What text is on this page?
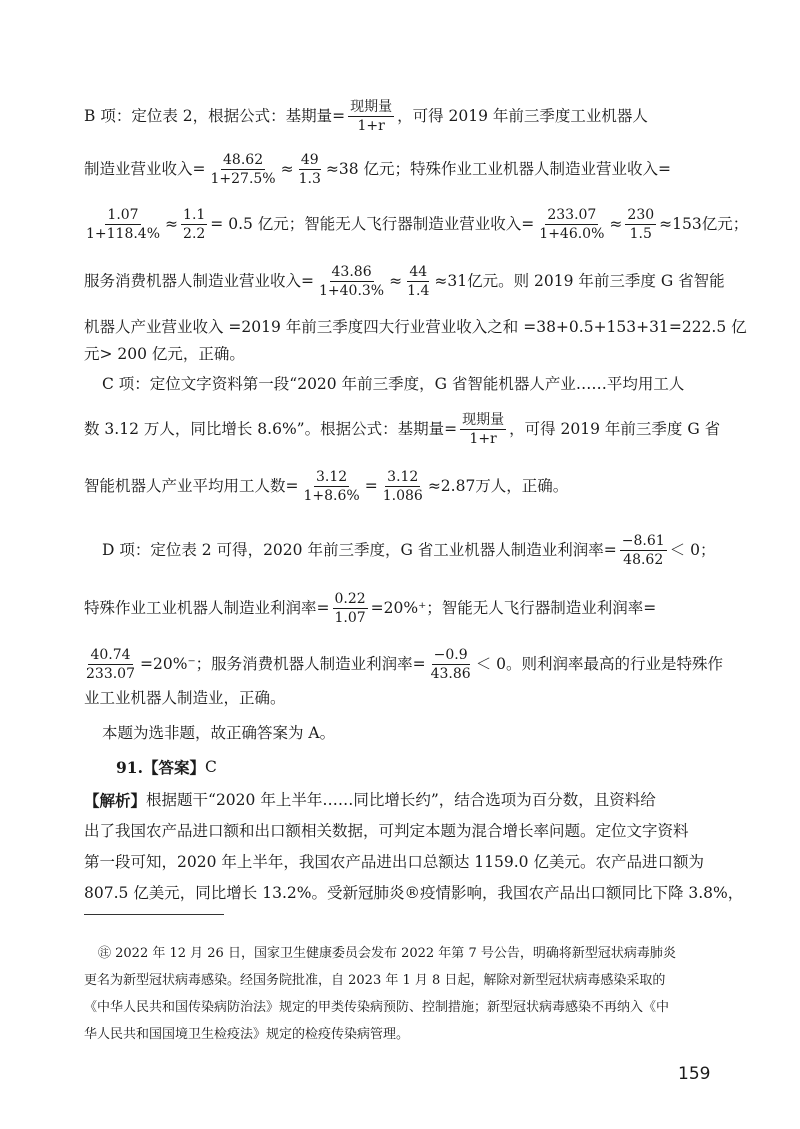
B 项：定位表 2，根据公式：基期量= $\frac{\text{现期量}}{1+r}$ ，可得 2019 年前三季度工业机器人
制造业营业收入= $\frac{48.62}{1+27.5\%} \approx \frac{49}{1.3} \approx 38$ 亿元；特殊作业工业机器人制造业营业收入=
$\frac{1.07}{1+118.4\%} \approx \frac{1.1}{2.2} = 0.5$ 亿元；智能无人飞行器制造业营业收入= $\frac{233.07}{1+46.0\%} \approx \frac{230}{1.5} \approx 153$亿元；
服务消费机器人制造业营业收入= $\frac{43.86}{1+40.3\%} \approx \frac{44}{1.4} \approx 31$亿元。则 2019 年前三季度 G 省智能
机器人产业营业收入 =2019 年前三季度四大行业营业收入之和 =38+0.5+153+31=222.5 亿
元> 200 亿元，正确。
C 项：定位文字资料第一段“2020 年前三季度，G 省智能机器人产业……平均用工人
数 3.12 万人，同比增长 8.6%”。根据公式：基期量= $\frac{\text{现期量}}{1+r}$ ，可得 2019 年前三季度 G 省
智能机器人产业平均用工人数= $\frac{3.12}{1+8.6\%} = \frac{3.12}{1.086} \approx 2.87$万人，正确。
D 项：定位表 2 可得，2020 年前三季度，G 省工业机器人制造业利润率= $\frac{-8.61}{48.62} < 0$；
特殊作业工业机器人制造业利润率= $\frac{0.22}{1.07} =20\%^+$；智能无人飞行器制造业利润率=
$\frac{40.74}{233.07} =20\%^-$；服务消费机器人制造业利润率= $\frac{-0.9}{43.86} < 0$。则利润率最高的行业是特殊作
业工业机器人制造业，正确。
本题为选非题，故正确答案为 A。
91.【答案】 C
【解析】 根据题干“2020 年上半年……同比增长约”，结合选项为百分数，且资料给
出了我国农产品进口额和出口额相关数据，可判定本题为混合增长率问题。定位文字资料
第一段可知，2020 年上半年，我国农产品进出口总额达 1159.0 亿美元。农产品进口额为
807.5 亿美元，同比增长 13.2%。受新冠肺炎®疫情影响，我国农产品出口额同比下降 3.8%，
㊟ 2022 年 12 月 26 日，国家卫生健康委员会发布 2022 年第 7 号公告，明确将新型冠状病毒肺炎
更名为新型冠状病毒感染。经国务院批准，自 2023 年 1 月 8 日起，解除对新型冠状病毒感染采取的
《中华人民共和国传染病防治法》规定的甲类传染病预防、控制措施；新型冠状病毒感染不再纳入《中
华人民共和国国境卫生检疫法》规定的检疫传染病管理。
159
